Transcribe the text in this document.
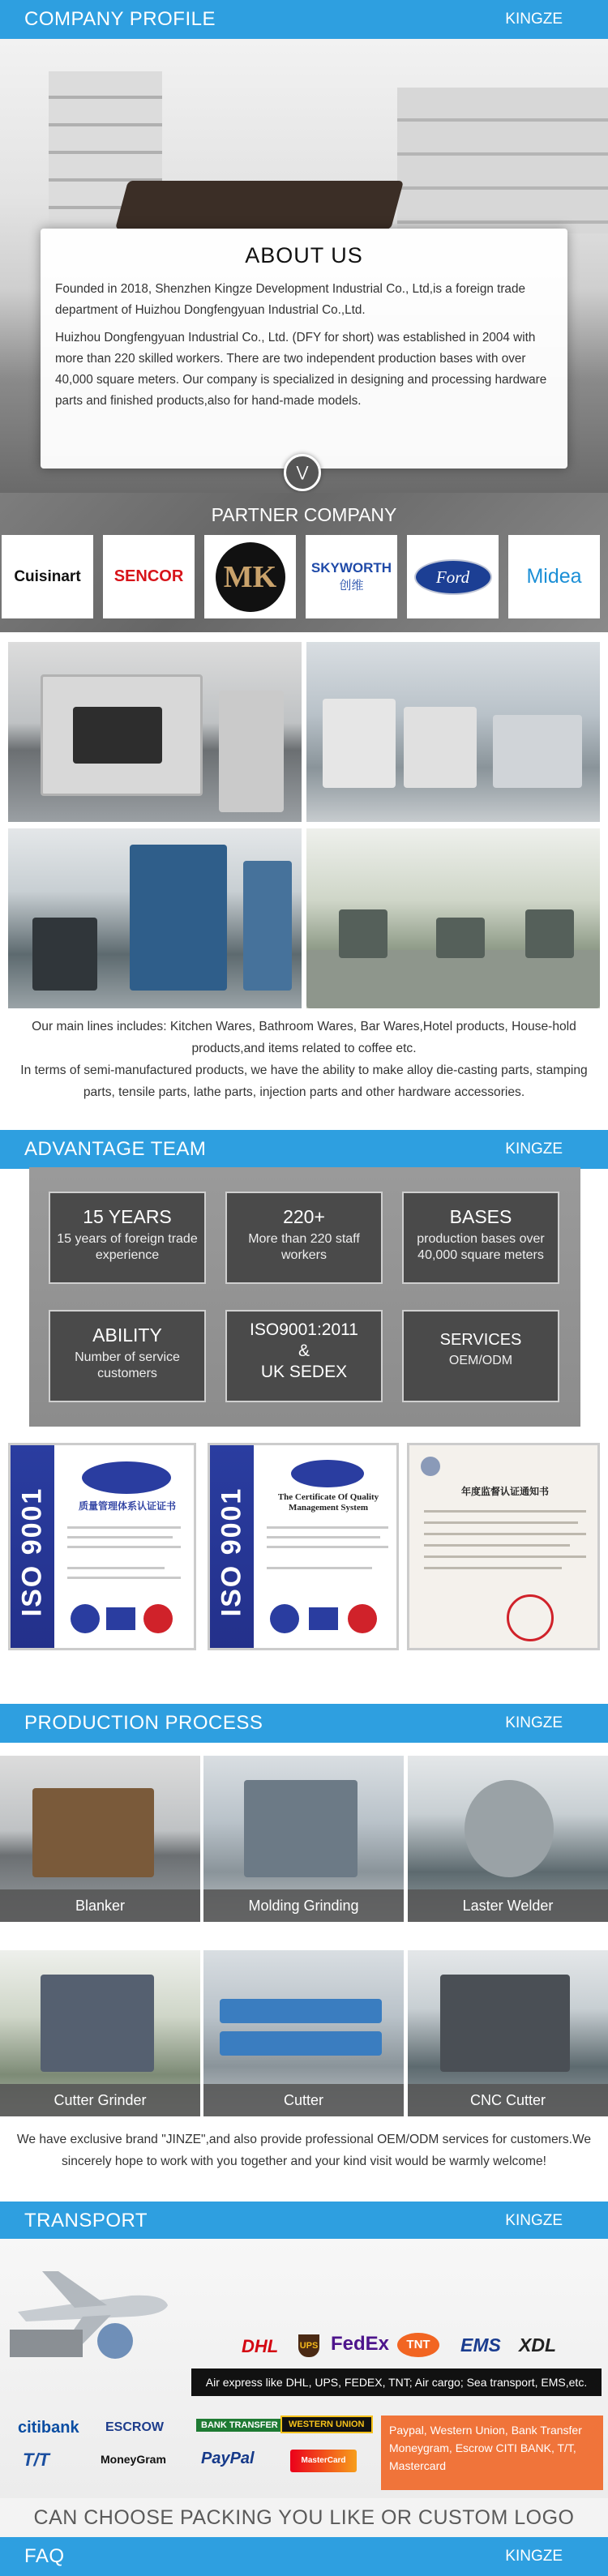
COMPANY PROFILE	KINGZE
ABOUT US

Founded in 2018, Shenzhen Kingze Development Industrial Co., Ltd,is a foreign trade department of Huizhou Dongfengyuan Industrial Co.,Ltd.

Huizhou Dongfengyuan Industrial Co., Ltd. (DFY for short) was established in 2004 with more than 220 skilled workers. There are two independent production bases with over 40,000 square meters. Our company is specialized in designing and processing hardware parts and finished products,also for hand-made models.

⋁
PARTNER COMPANY
Cuisinart SENCOR MK	SKYWORTH
创维	Ford	Midea

Our main lines includes: Kitchen Wares, Bathroom Wares, Bar Wares,Hotel products, House-hold products,and items related to coffee etc.

In terms of semi-manufactured products, we have the ability to make alloy die-casting parts, stamping parts, tensile parts, lathe parts, injection parts and other hardware accessories.

ADVANTAGE TEAM	KINGZE
15 YEARS
15 years of foreign trade experience
220+
More than 220 staff workers
BASES
production bases over 40,000 square meters
ABILITY
Number of service customers
ISO9001:2011
&
UK SEDEX
SERVICES
OEM/ODM
ISO 9001	质量管理体系认证证书	ISO 9001	The Certificate Of Quality Management System
年度监督认证通知书
PRODUCTION PROCESS	KINGZE
Blanker	Molding Grinding	Laster Welder
Cutter Grinder	Cutter	CNC Cutter
We have exclusive brand "JINZE",and also provide professional OEM/ODM services for customers.We sincerely hope to work with you together and your kind visit would be warmly welcome!
TRANSPORT	KINGZE
DHL UPS FedEx	TNT	EMS XDL
Air express like DHL, UPS, FEDEX, TNT; Air cargo; Sea transport, EMS,etc.
citibank ESCROW	BANK TRANSFER	WESTERN UNION
T/T	MoneyGram PayPal	MasterCard
Paypal, Western Union, Bank Transfer Moneygram, Escrow CITI BANK, T/T, Mastercard
CAN CHOOSE PACKING YOU LIKE OR CUSTOM LOGO
FAQ	KINGZE
